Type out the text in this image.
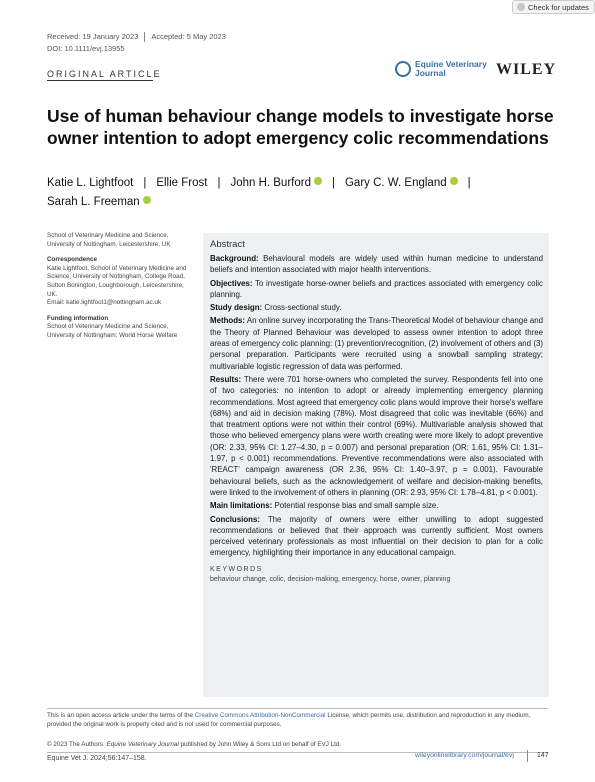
Check for updates
Received: 19 January 2023 Accepted: 5 May 2023
DOI: 10.1111/evj.13955
ORIGINAL ARTICLE
Equine Veterinary
Journal	WILEY
Use of human behaviour change models to investigate horse owner intention to adopt emergency colic recommendations
Katie L. Lightfoot | Ellie Frost | John H. Burford | Gary C. W. England |
Sarah L. Freeman
School of Veterinary Medicine and Science, University of Nottingham, Leicestershire, UK
Correspondence
Katie Lightfoot, School of Veterinary Medicine and Science, University of Nottingham, College Road, Sutton Bonington, Loughborough, Leicestershire, UK.
Email: katie.lightfoot1@nottingham.ac.uk
Funding information
School of Veterinary Medicine and Science, University of Nottingham; World Horse Welfare
Abstract

Background: Behavioural models are widely used within human medicine to understand beliefs and intention associated with major health interventions.

Objectives: To investigate horse-owner beliefs and practices associated with emergency colic planning.

Study design: Cross-sectional study.

Methods: An online survey incorporating the Trans-Theoretical Model of behaviour change and the Theory of Planned Behaviour was developed to assess owner intention to adopt three areas of emergency colic planning: (1) prevention/recognition, (2) involvement of others and (3) personal preparation. Participants were recruited using a snowball sampling strategy; multivariable logistic regression of data was performed.

Results: There were 701 horse-owners who completed the survey. Respondents fell into one of two categories: no intention to adopt or already implementing emergency planning recommendations. Most agreed that emergency colic plans would improve their horse's welfare (68%) and aid in decision making (78%). Most disagreed that colic was inevitable (66%) and that treatment options were not within their control (69%). Multivariable analysis showed that those who believed emergency plans were worth creating were more likely to adopt preventive (OR: 2.33, 95% CI: 1.27–4.30, p = 0.007) and personal preparation (OR: 1.61, 95% CI: 1.31–1.97, p < 0.001) recommendations. Preventive recommendations were also associated with 'REACT' campaign awareness (OR 2.36, 95% CI: 1.40–3.97, p = 0.001). Favourable behavioural beliefs, such as the acknowledgement of welfare and decision-making benefits, were linked to the involvement of others in planning (OR: 2.93, 95% CI: 1.78–4.81, p < 0.001).

Main limitations: Potential response bias and small sample size.

Conclusions: The majority of owners were either unwilling to adopt suggested recommendations or believed that their approach was currently sufficient. Most owners perceived veterinary professionals as most influential on their decision to plan for a colic emergency, highlighting their importance in any educational campaign.

KEYWORDS
behaviour change, colic, decision-making, emergency, horse, owner, planning
This is an open access article under the terms of the Creative Commons Attribution-NonCommercial License, which permits use, distribution and reproduction in any medium, provided the original work is properly cited and is not used for commercial purposes.
© 2023 The Authors. Equine Veterinary Journal published by John Wiley & Sons Ltd on behalf of EVJ Ltd.
Equine Vet J. 2024;56:147–158.	wileyonlinelibrary.com/journal/evj	147
